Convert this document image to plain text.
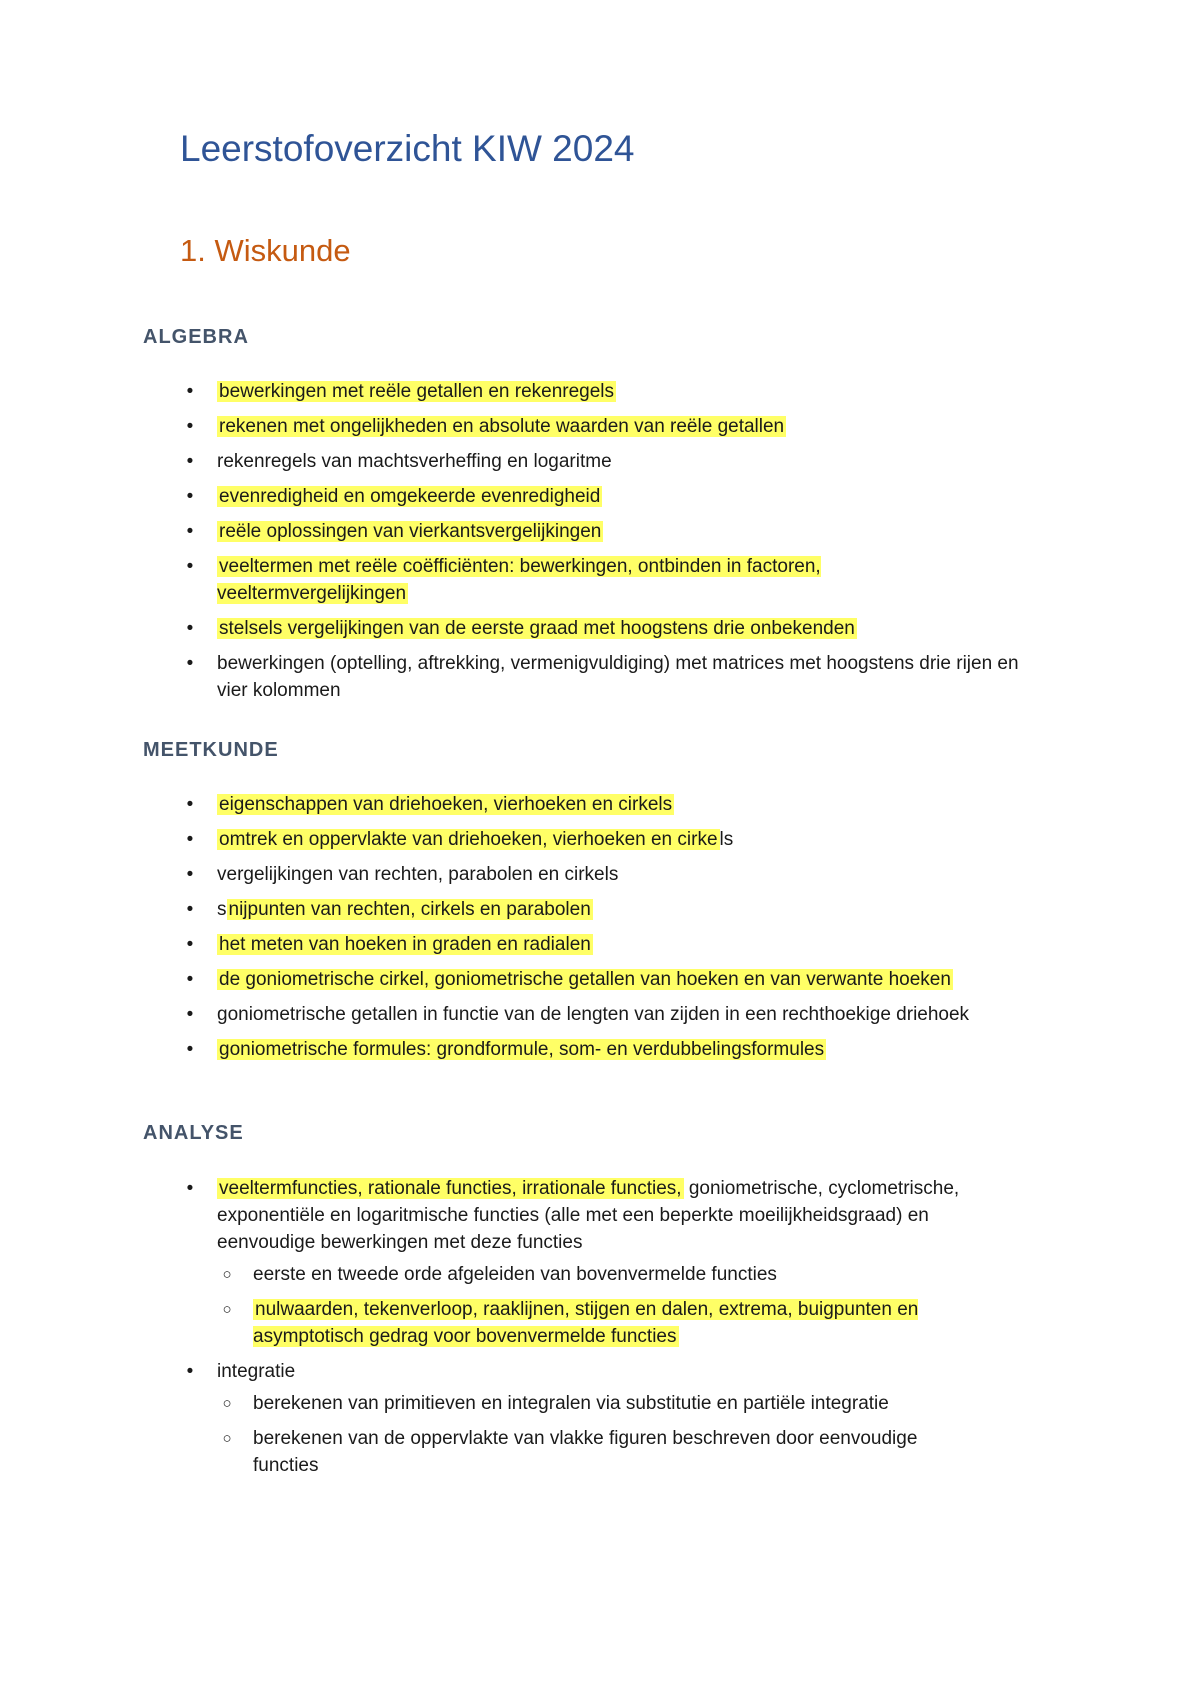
Leerstofoverzicht KIW 2024
1. Wiskunde
ALGEBRA
•	bewerkingen met reële getallen en rekenregels
•	rekenen met ongelijkheden en absolute waarden van reële getallen
•	rekenregels van machtsverheffing en logaritme
•	evenredigheid en omgekeerde evenredigheid
•	reële oplossingen van vierkantsvergelijkingen
•	veeltermen met reële coëfficiënten: bewerkingen, ontbinden in factoren, veeltermvergelijkingen
•	stelsels vergelijkingen van de eerste graad met hoogstens drie onbekenden
•	bewerkingen (optelling, aftrekking, vermenigvuldiging) met matrices met hoogstens drie rijen en vier kolommen
MEETKUNDE
•	eigenschappen van driehoeken, vierhoeken en cirkels
•	omtrek en oppervlakte van driehoeken, vierhoeken en cirke ls
•	vergelijkingen van rechten, parabolen en cirkels
•	s nijpunten van rechten, cirkels en parabolen
•	het meten van hoeken in graden en radialen
•	de goniometrische cirkel, goniometrische getallen van hoeken en van verwante hoeken
•	goniometrische getallen in functie van de lengten van zijden in een rechthoekige driehoek
•	goniometrische formules: grondformule, som- en verdubbelingsformules
ANALYSE
•	veeltermfuncties, rationale functies, irrationale functies, goniometrische, cyclometrische, exponentiële en logaritmische functies (alle met een beperkte moeilijkheidsgraad) en eenvoudige bewerkingen met deze functies
○ eerste en tweede orde afgeleiden van bovenvermelde functies
○ nulwaarden, tekenverloop, raaklijnen, stijgen en dalen, extrema, buigpunten en asymptotisch gedrag voor bovenvermelde functies
•	integratie
○ berekenen van primitieven en integralen via substitutie en partiële integratie
○ berekenen van de oppervlakte van vlakke figuren beschreven door eenvoudige functies
